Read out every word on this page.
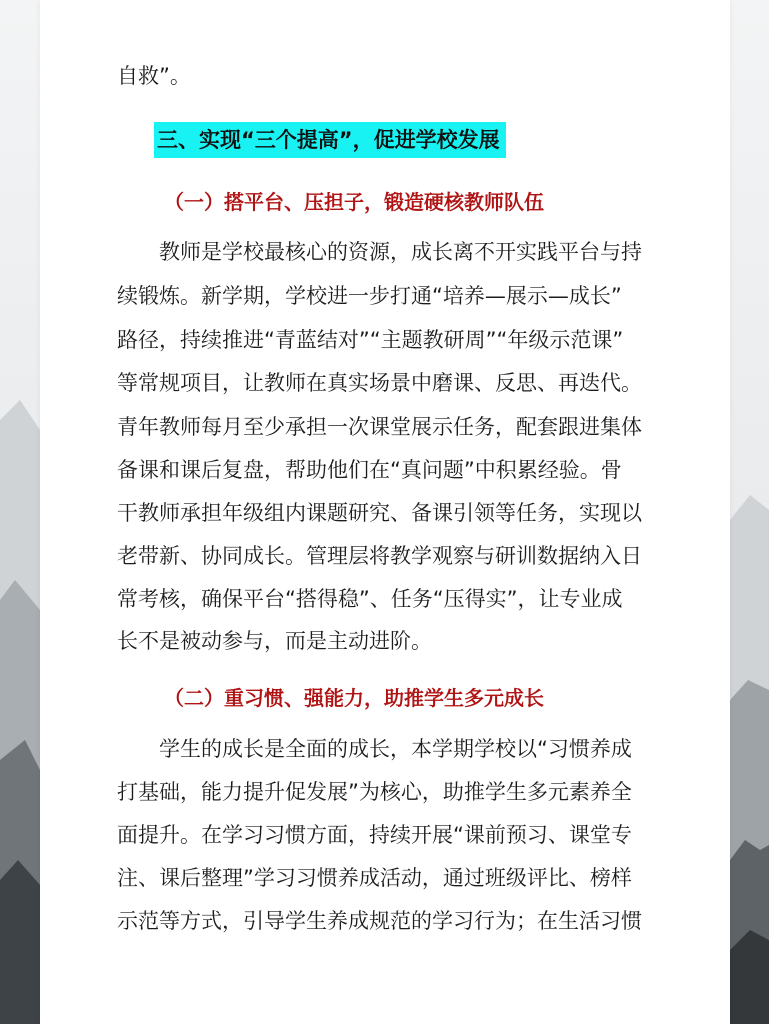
自救”。
三、实现“三个提高”，促进学校发展
（一）搭平台、压担子，锻造硬核教师队伍
　　教师是学校最核心的资源，成长离不开实践平台与持
续锻炼。新学期，学校进一步打通“培养—展示—成长”
路径，持续推进“青蓝结对”“主题教研周”“年级示范课”
等常规项目，让教师在真实场景中磨课、反思、再迭代。
青年教师每月至少承担一次课堂展示任务，配套跟进集体
备课和课后复盘，帮助他们在“真问题”中积累经验。骨
干教师承担年级组内课题研究、备课引领等任务，实现以
老带新、协同成长。管理层将教学观察与研训数据纳入日
常考核，确保平台“搭得稳”、任务“压得实”，让专业成
长不是被动参与，而是主动进阶。
（二）重习惯、强能力，助推学生多元成长
　　学生的成长是全面的成长，本学期学校以“习惯养成
打基础，能力提升促发展”为核心，助推学生多元素养全
面提升。在学习习惯方面，持续开展“课前预习、课堂专
注、课后整理”学习习惯养成活动，通过班级评比、榜样
示范等方式，引导学生养成规范的学习行为；在生活习惯
